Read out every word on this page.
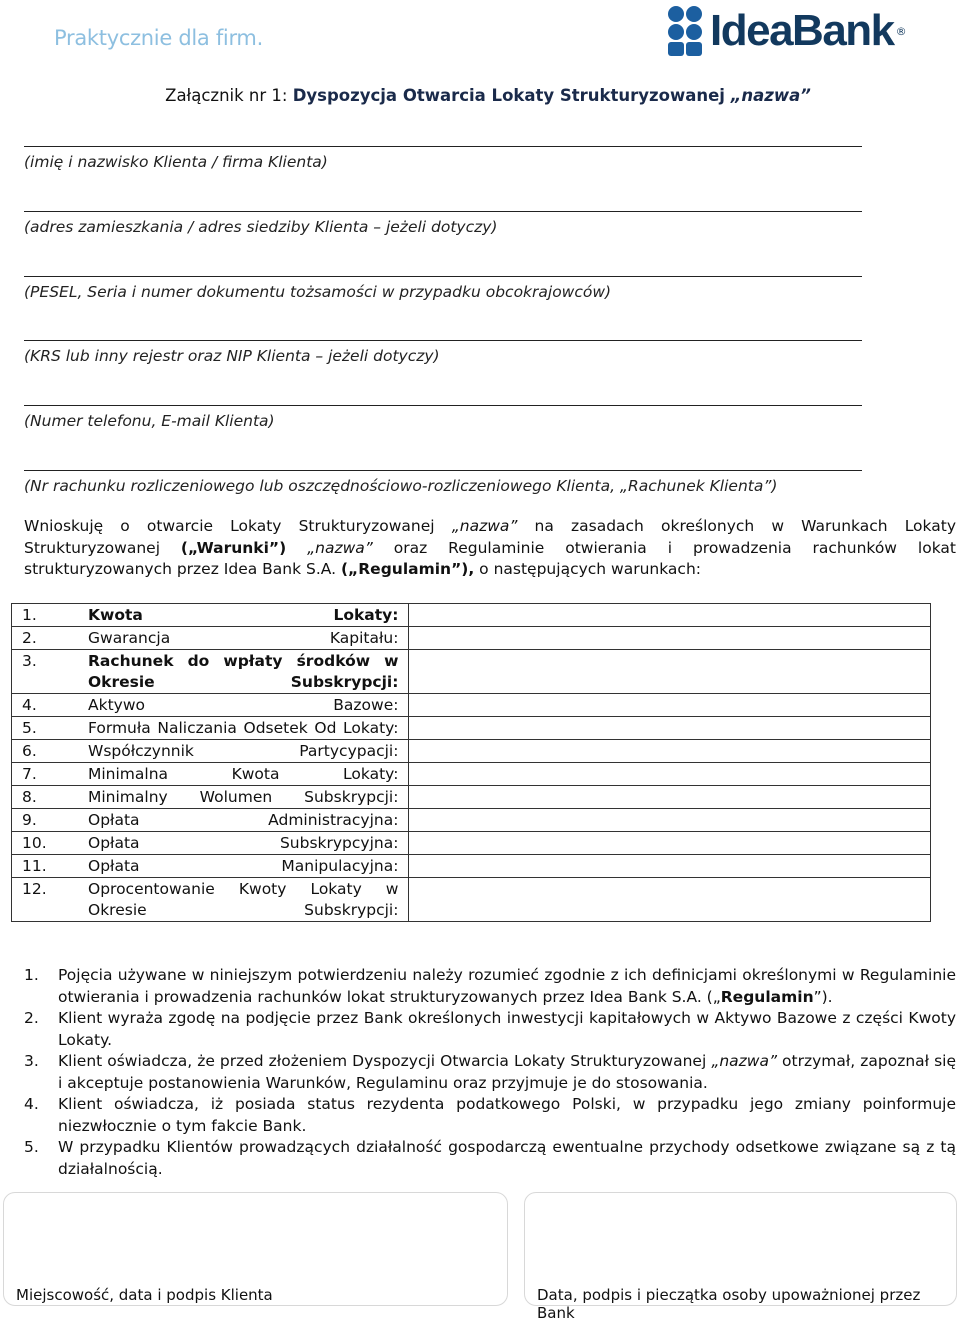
Praktycznie dla firm.	IdeaBank ®
Załącznik nr 1: Dyspozycja Otwarcia Lokaty Strukturyzowanej „nazwa”
(imię i nazwisko Klienta / firma Klienta)
(adres zamieszkania / adres siedziby Klienta – jeżeli dotyczy)
(PESEL, Seria i numer dokumentu tożsamości w przypadku obcokrajowców)
(KRS lub inny rejestr oraz NIP Klienta – jeżeli dotyczy)
(Numer telefonu, E-mail Klienta)
(Nr rachunku rozliczeniowego lub oszczędnościowo-rozliczeniowego Klienta, „Rachunek Klienta”)
Wnioskuję o otwarcie Lokaty Strukturyzowanej „nazwa” na zasadach określonych w Warunkach Lokaty Strukturyzowanej („Warunki”) „nazwa” oraz Regulaminie otwierania i prowadzenia rachunków lokat strukturyzowanych przez Idea Bank S.A. („Regulamin”), o następujących warunkach:
1. Kwota Lokaty:	

2. Gwarancja Kapitału:	

3. Rachunek do wpłaty środków w Okresie Subskrypcji:	

4. Aktywo Bazowe:	

5. Formuła Naliczania Odsetek Od Lokaty:	

6. Współczynnik Partycypacji:	

7. Minimalna Kwota Lokaty:	

8. Minimalny Wolumen Subskrypcji:	

9. Opłata Administracyjna:	

10. Opłata Subskrypcyjna:	

11. Opłata Manipulacyjna:	

12. Oprocentowanie Kwoty Lokaty w Okresie Subskrypcji:	

1.	Pojęcia używane w niniejszym potwierdzeniu należy rozumieć zgodnie z ich definicjami określonymi w Regulaminie otwierania i prowadzenia rachunków lokat strukturyzowanych przez Idea Bank S.A. („Regulamin”).
2.	Klient wyraża zgodę na podjęcie przez Bank określonych inwestycji kapitałowych w Aktywo Bazowe z części Kwoty Lokaty.
3.	Klient oświadcza, że przed złożeniem Dyspozycji Otwarcia Lokaty Strukturyzowanej „nazwa” otrzymał, zapoznał się i akceptuje postanowienia Warunków, Regulaminu oraz przyjmuje je do stosowania.
4.	Klient oświadcza, iż posiada status rezydenta podatkowego Polski, w przypadku jego zmiany poinformuje niezwłocznie o tym fakcie Bank.
5.	W przypadku Klientów prowadzących działalność gospodarczą ewentualne przychody odsetkowe związane są z tą działalnością.
Miejscowość, data i podpis Klienta	Data, podpis i pieczątka osoby upoważnionej przez Bank
